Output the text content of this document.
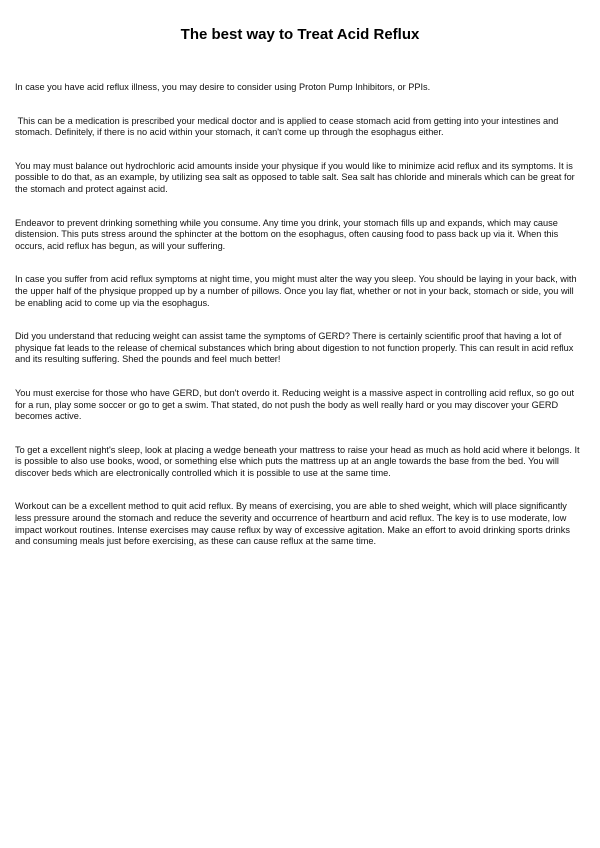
The best way to Treat Acid Reflux

In case you have acid reflux illness, you may desire to consider using Proton Pump Inhibitors, or PPIs.

This can be a medication is prescribed your medical doctor and is applied to cease stomach acid from getting into your intestines and stomach. Definitely, if there is no acid within your stomach, it can't come up through the esophagus either.

You may must balance out hydrochloric acid amounts inside your physique if you would like to minimize acid reflux and its symptoms. It is possible to do that, as an example, by utilizing sea salt as opposed to table salt. Sea salt has chloride and minerals which can be great for the stomach and protect against acid.

Endeavor to prevent drinking something while you consume. Any time you drink, your stomach fills up and expands, which may cause distension. This puts stress around the sphincter at the bottom on the esophagus, often causing food to pass back up via it. When this occurs, acid reflux has begun, as will your suffering.

In case you suffer from acid reflux symptoms at night time, you might must alter the way you sleep. You should be laying in your back, with the upper half of the physique propped up by a number of pillows. Once you lay flat, whether or not in your back, stomach or side, you will be enabling acid to come up via the esophagus.

Did you understand that reducing weight can assist tame the symptoms of GERD? There is certainly scientific proof that having a lot of physique fat leads to the release of chemical substances which bring about digestion to not function properly. This can result in acid reflux and its resulting suffering. Shed the pounds and feel much better!

You must exercise for those who have GERD, but don't overdo it. Reducing weight is a massive aspect in controlling acid reflux, so go out for a run, play some soccer or go to get a swim. That stated, do not push the body as well really hard or you may discover your GERD becomes active.

To get a excellent night's sleep, look at placing a wedge beneath your mattress to raise your head as much as hold acid where it belongs. It is possible to also use books, wood, or something else which puts the mattress up at an angle towards the base from the bed. You will discover beds which are electronically controlled which it is possible to use at the same time.

Workout can be a excellent method to quit acid reflux. By means of exercising, you are able to shed weight, which will place significantly less pressure around the stomach and reduce the severity and occurrence of heartburn and acid reflux. The key is to use moderate, low impact workout routines. Intense exercises may cause reflux by way of excessive agitation. Make an effort to avoid drinking sports drinks and consuming meals just before exercising, as these can cause reflux at the same time.
